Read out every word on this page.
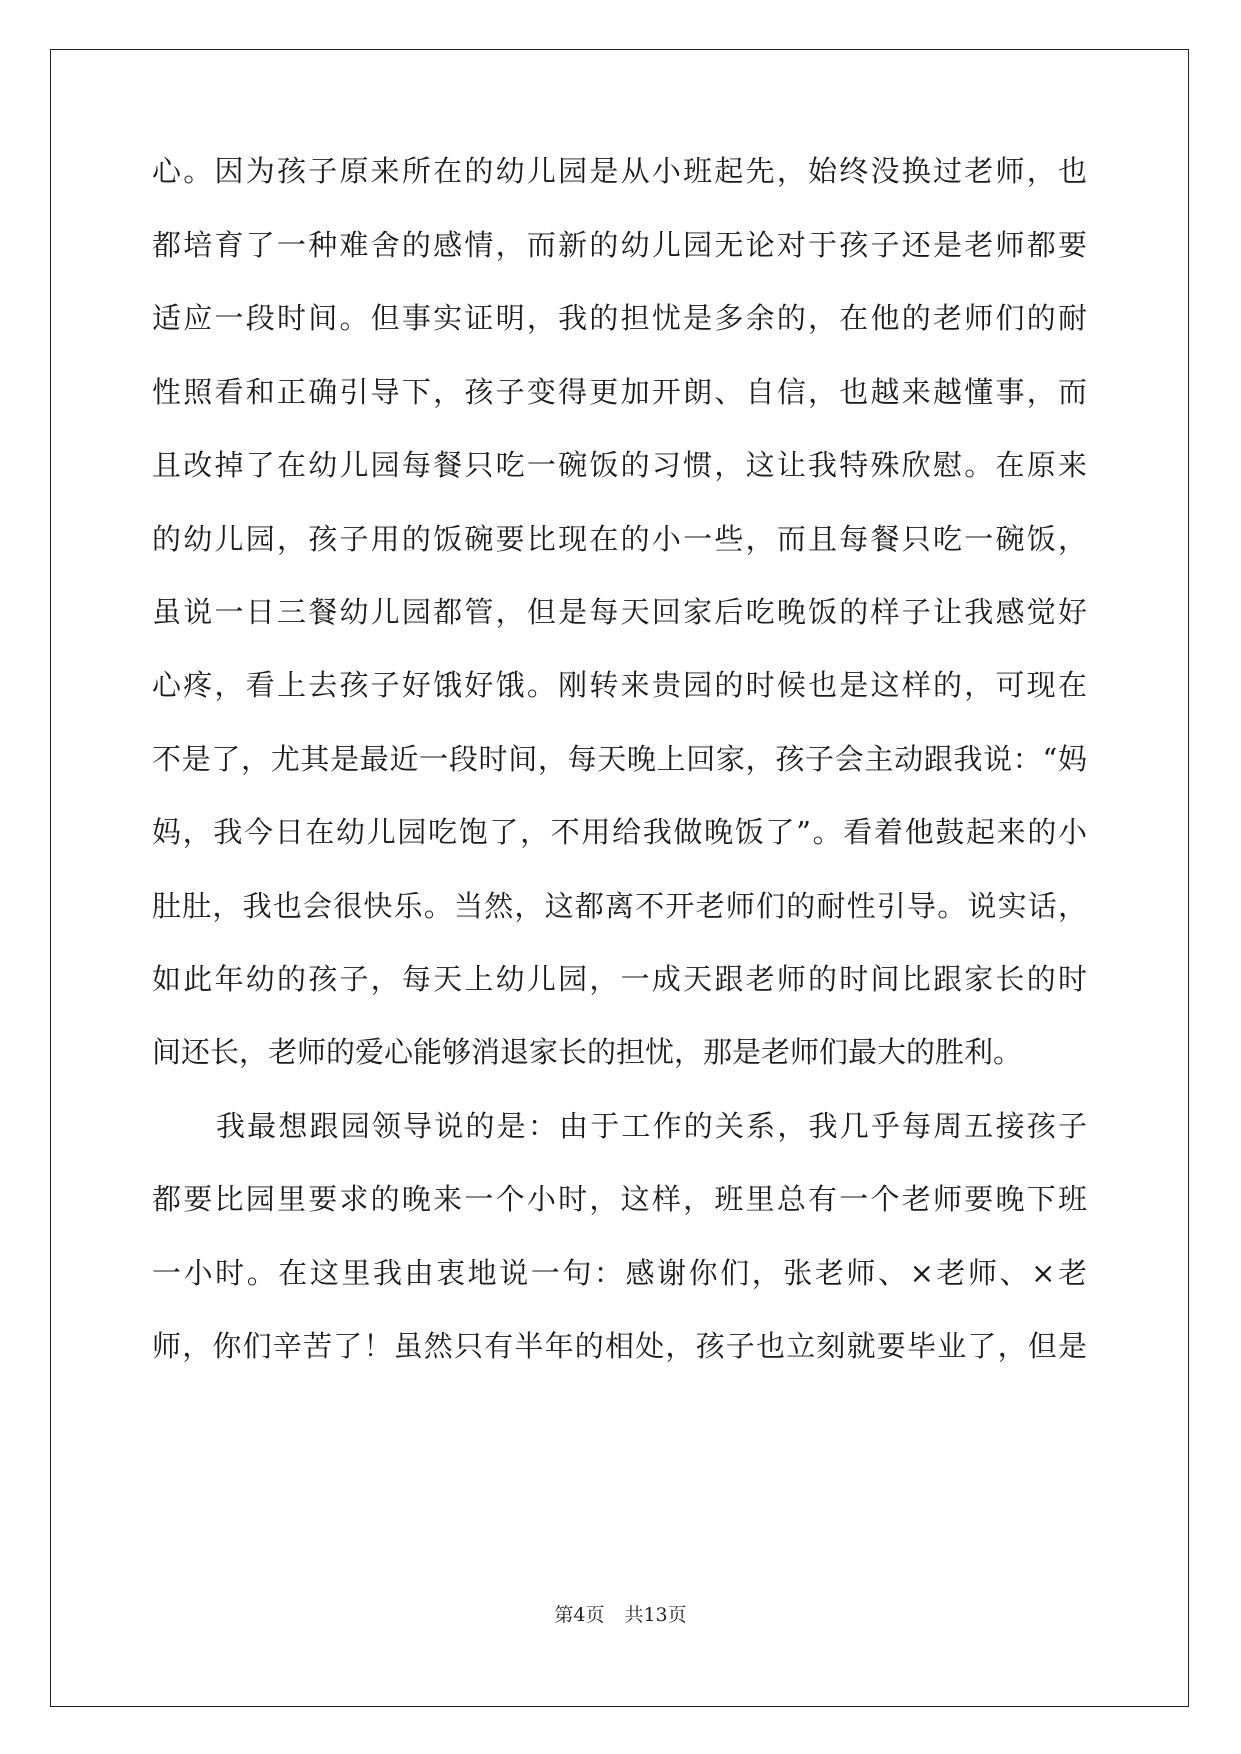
心。因为孩子原来所在的幼儿园是从小班起先，始终没换过老师，也
都培育了一种难舍的感情，而新的幼儿园无论对于孩子还是老师都要
适应一段时间。但事实证明，我的担忧是多余的，在他的老师们的耐
性照看和正确引导下，孩子变得更加开朗、自信，也越来越懂事，而
且改掉了在幼儿园每餐只吃一碗饭的习惯，这让我特殊欣慰。在原来
的幼儿园，孩子用的饭碗要比现在的小一些，而且每餐只吃一碗饭，
虽说一日三餐幼儿园都管，但是每天回家后吃晚饭的样子让我感觉好
心疼，看上去孩子好饿好饿。刚转来贵园的时候也是这样的，可现在
不是了，尤其是最近一段时间，每天晚上回家，孩子会主动跟我说：“妈
妈，我今日在幼儿园吃饱了，不用给我做晚饭了”。看着他鼓起来的小
肚肚，我也会很快乐。当然，这都离不开老师们的耐性引导。说实话，
如此年幼的孩子，每天上幼儿园，一成天跟老师的时间比跟家长的时
间还长，老师的爱心能够消退家长的担忧，那是老师们最大的胜利。
我最想跟园领导说的是：由于工作的关系，我几乎每周五接孩子
都要比园里要求的晚来一个小时，这样，班里总有一个老师要晚下班
一小时。在这里我由衷地说一句：感谢你们，张老师、×老师、×老
师，你们辛苦了！虽然只有半年的相处，孩子也立刻就要毕业了，但是
第4页 共13页
